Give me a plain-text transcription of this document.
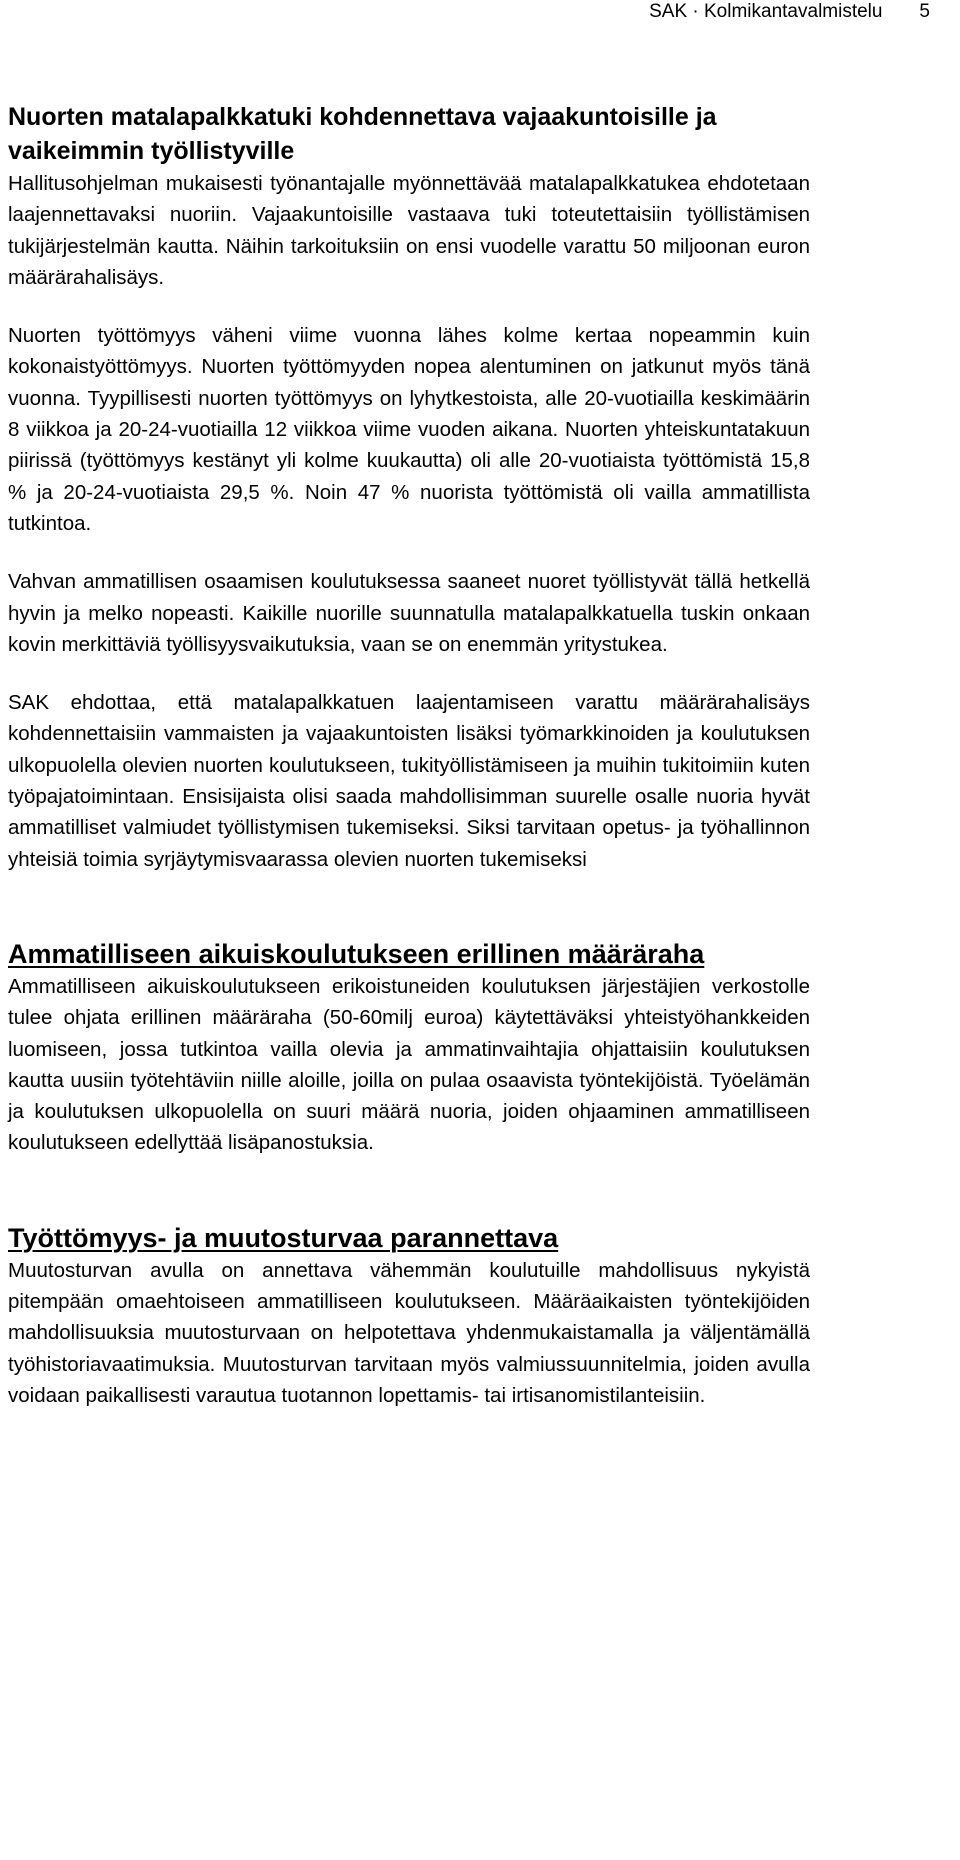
SAK · Kolmikantavalmistelu       5
Nuorten matalapalkkatuki kohdennettava vajaakuntoisille ja vaikeimmin työllistyville

Hallitusohjelman mukaisesti työnantajalle myönnettävää matalapalkkatukea ehdotetaan laajennettavaksi nuoriin. Vajaakuntoisille vastaava tuki toteutettaisiin työllistämisen tukijärjestelmän kautta. Näihin tarkoituksiin on ensi vuodelle varattu 50 miljoonan euron määrärahalisäys.

Nuorten työttömyys väheni viime vuonna lähes kolme kertaa nopeammin kuin kokonaistyöttömyys. Nuorten työttömyyden nopea alentuminen on jatkunut myös tänä vuonna. Tyypillisesti nuorten työttömyys on lyhytkestoista, alle 20-vuotiailla keskimäärin 8 viikkoa ja 20-24-vuotiailla 12 viikkoa viime vuoden aikana. Nuorten yhteiskuntatakuun piirissä (työttömyys kestänyt yli kolme kuukautta) oli alle 20-vuotiaista työttömistä 15,8 % ja 20-24-vuotiaista 29,5 %. Noin 47 % nuorista työttömistä oli vailla ammatillista tutkintoa.

Vahvan ammatillisen osaamisen koulutuksessa saaneet nuoret työllistyvät tällä hetkellä hyvin ja melko nopeasti. Kaikille nuorille suunnatulla matalapalkkatuella tuskin onkaan kovin merkittäviä työllisyysvaikutuksia, vaan se on enemmän yritystukea.

SAK ehdottaa, että matalapalkkatuen laajentamiseen varattu määrärahalisäys kohdennettaisiin vammaisten ja vajaakuntoisten lisäksi työmarkkinoiden ja koulutuksen ulkopuolella olevien nuorten koulutukseen, tukityöllistämiseen ja muihin tukitoimiin kuten työpajatoimintaan. Ensisijaista olisi saada mahdollisimman suurelle osalle nuoria hyvät ammatilliset valmiudet työllistymisen tukemiseksi. Siksi tarvitaan opetus- ja työhallinnon yhteisiä toimia syrjäytymisvaarassa olevien nuorten tukemiseksi

Ammatilliseen aikuiskoulutukseen erillinen määräraha

Ammatilliseen aikuiskoulutukseen erikoistuneiden koulutuksen järjestäjien verkostolle tulee ohjata erillinen määräraha (50-60milj euroa) käytettäväksi yhteistyöhankkeiden luomiseen, jossa tutkintoa vailla olevia ja ammatinvaihtajia ohjattaisiin koulutuksen kautta uusiin työtehtäviin niille aloille, joilla on pulaa osaavista työntekijöistä. Työelämän ja koulutuksen ulkopuolella on suuri määrä nuoria, joiden ohjaaminen ammatilliseen koulutukseen edellyttää lisäpanostuksia.

Työttömyys- ja muutosturvaa parannettava

Muutosturvan avulla on annettava vähemmän koulutuille mahdollisuus nykyistä pitempään omaehtoiseen ammatilliseen koulutukseen. Määräaikaisten työntekijöiden mahdollisuuksia muutosturvaan on helpotettava yhdenmukaistamalla ja väljentämällä työhistoriavaatimuksia. Muutosturvan tarvitaan myös valmiussuunnitelmia, joiden avulla voidaan paikallisesti varautua tuotannon lopettamis- tai irtisanomistilanteisiin.
